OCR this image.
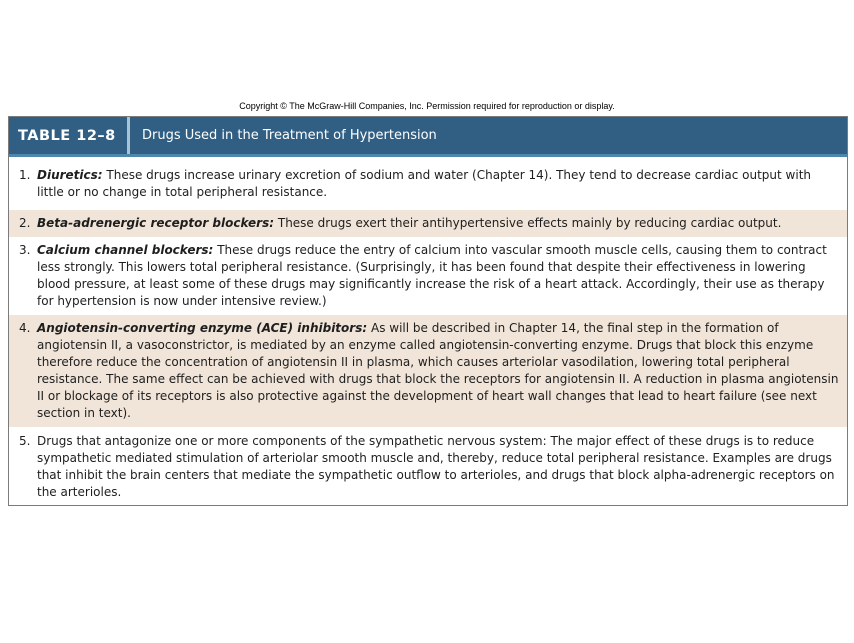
Copyright © The McGraw-Hill Companies, Inc. Permission required for reproduction or display.
TABLE 12–8	Drugs Used in the Treatment of Hypertension
1. Diuretics: These drugs increase urinary excretion of sodium and water (Chapter 14). They tend to decrease cardiac output with little or no change in total peripheral resistance.
2. Beta-adrenergic receptor blockers: These drugs exert their antihypertensive effects mainly by reducing cardiac output.
3. Calcium channel blockers: These drugs reduce the entry of calcium into vascular smooth muscle cells, causing them to contract less strongly. This lowers total peripheral resistance. (Surprisingly, it has been found that despite their effectiveness in lowering blood pressure, at least some of these drugs may significantly increase the risk of a heart attack. Accordingly, their use as therapy for hypertension is now under intensive review.)
4. Angiotensin-converting enzyme (ACE) inhibitors: As will be described in Chapter 14, the final step in the formation of angiotensin II, a vasoconstrictor, is mediated by an enzyme called angiotensin-converting enzyme. Drugs that block this enzyme therefore reduce the concentration of angiotensin II in plasma, which causes arteriolar vasodilation, lowering total peripheral resistance. The same effect can be achieved with drugs that block the receptors for angiotensin II. A reduction in plasma angiotensin II or blockage of its receptors is also protective against the development of heart wall changes that lead to heart failure (see next section in text).
5. Drugs that antagonize one or more components of the sympathetic nervous system: The major effect of these drugs is to reduce sympathetic mediated stimulation of arteriolar smooth muscle and, thereby, reduce total peripheral resistance. Examples are drugs that inhibit the brain centers that mediate the sympathetic outflow to arterioles, and drugs that block alpha-adrenergic receptors on the arterioles.
